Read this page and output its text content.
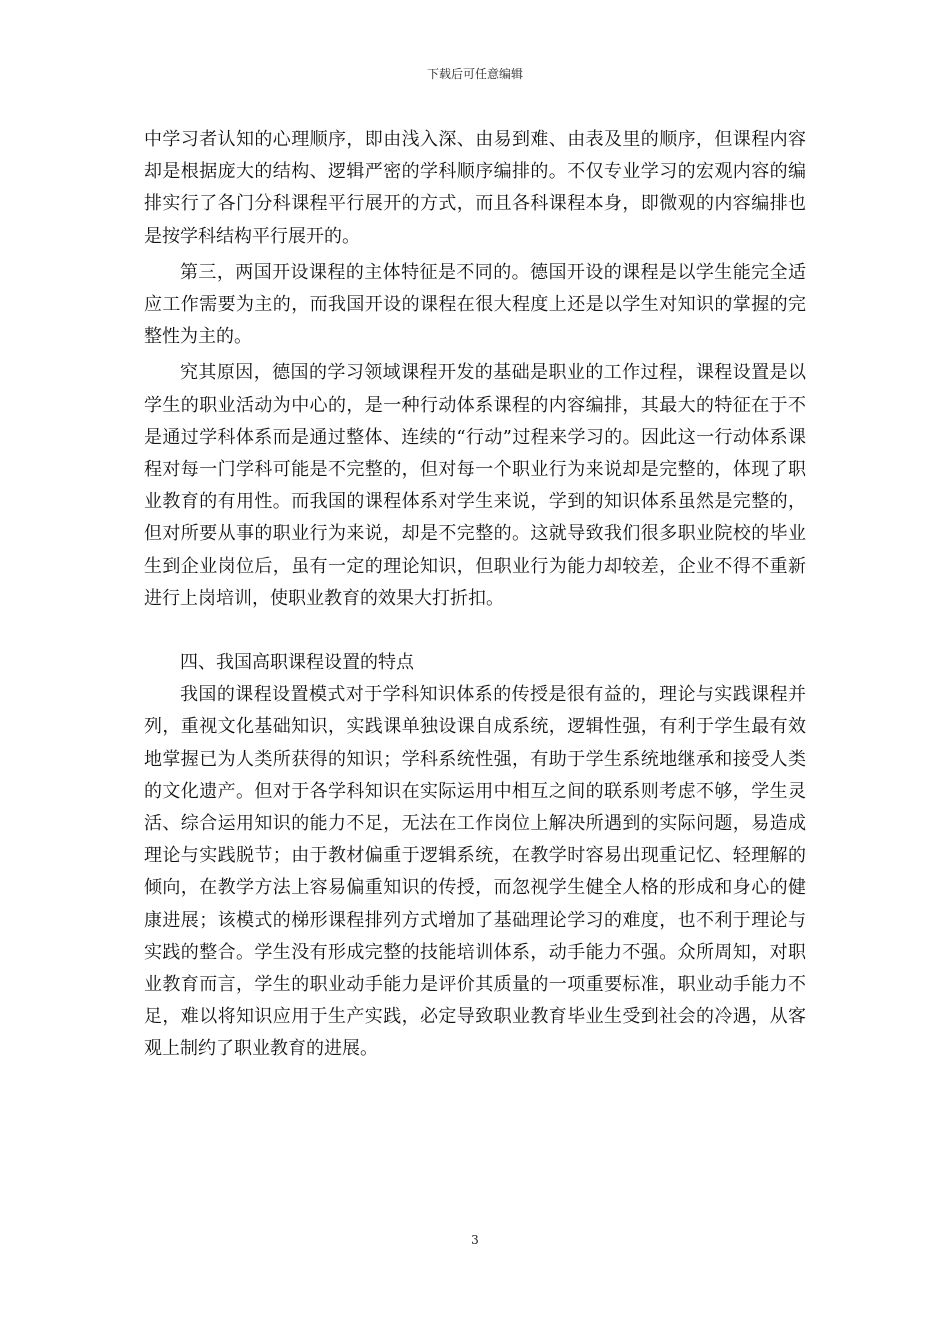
下载后可任意编辑

中学习者认知的心理顺序，即由浅入深、由易到难、由表及里的顺序，但课程内容却是根据庞大的结构、逻辑严密的学科顺序编排的。不仅专业学习的宏观内容的编排实行了各门分科课程平行展开的方式，而且各科课程本身，即微观的内容编排也是按学科结构平行展开的。

第三，两国开设课程的主体特征是不同的。德国开设的课程是以学生能完全适应工作需要为主的，而我国开设的课程在很大程度上还是以学生对知识的掌握的完整性为主的。

究其原因，德国的学习领域课程开发的基础是职业的工作过程，课程设置是以学生的职业活动为中心的，是一种行动体系课程的内容编排，其最大的特征在于不是通过学科体系而是通过整体、连续的“行动”过程来学习的。因此这一行动体系课程对每一门学科可能是不完整的，但对每一个职业行为来说却是完整的，体现了职业教育的有用性。而我国的课程体系对学生来说，学到的知识体系虽然是完整的，但对所要从事的职业行为来说，却是不完整的。这就导致我们很多职业院校的毕业生到企业岗位后，虽有一定的理论知识，但职业行为能力却较差，企业不得不重新进行上岗培训，使职业教育的效果大打折扣。

四、我国高职课程设置的特点

我国的课程设置模式对于学科知识体系的传授是很有益的，理论与实践课程并列，重视文化基础知识，实践课单独设课自成系统，逻辑性强，有利于学生最有效地掌握已为人类所获得的知识；学科系统性强，有助于学生系统地继承和接受人类的文化遗产。但对于各学科知识在实际运用中相互之间的联系则考虑不够，学生灵活、综合运用知识的能力不足，无法在工作岗位上解决所遇到的实际问题，易造成理论与实践脱节；由于教材偏重于逻辑系统，在教学时容易出现重记忆、轻理解的倾向，在教学方法上容易偏重知识的传授，而忽视学生健全人格的形成和身心的健康进展；该模式的梯形课程排列方式增加了基础理论学习的难度，也不利于理论与实践的整合。学生没有形成完整的技能培训体系，动手能力不强。众所周知，对职业教育而言，学生的职业动手能力是评价其质量的一项重要标准，职业动手能力不足，难以将知识应用于生产实践，必定导致职业教育毕业生受到社会的冷遇，从客观上制约了职业教育的进展。

3
